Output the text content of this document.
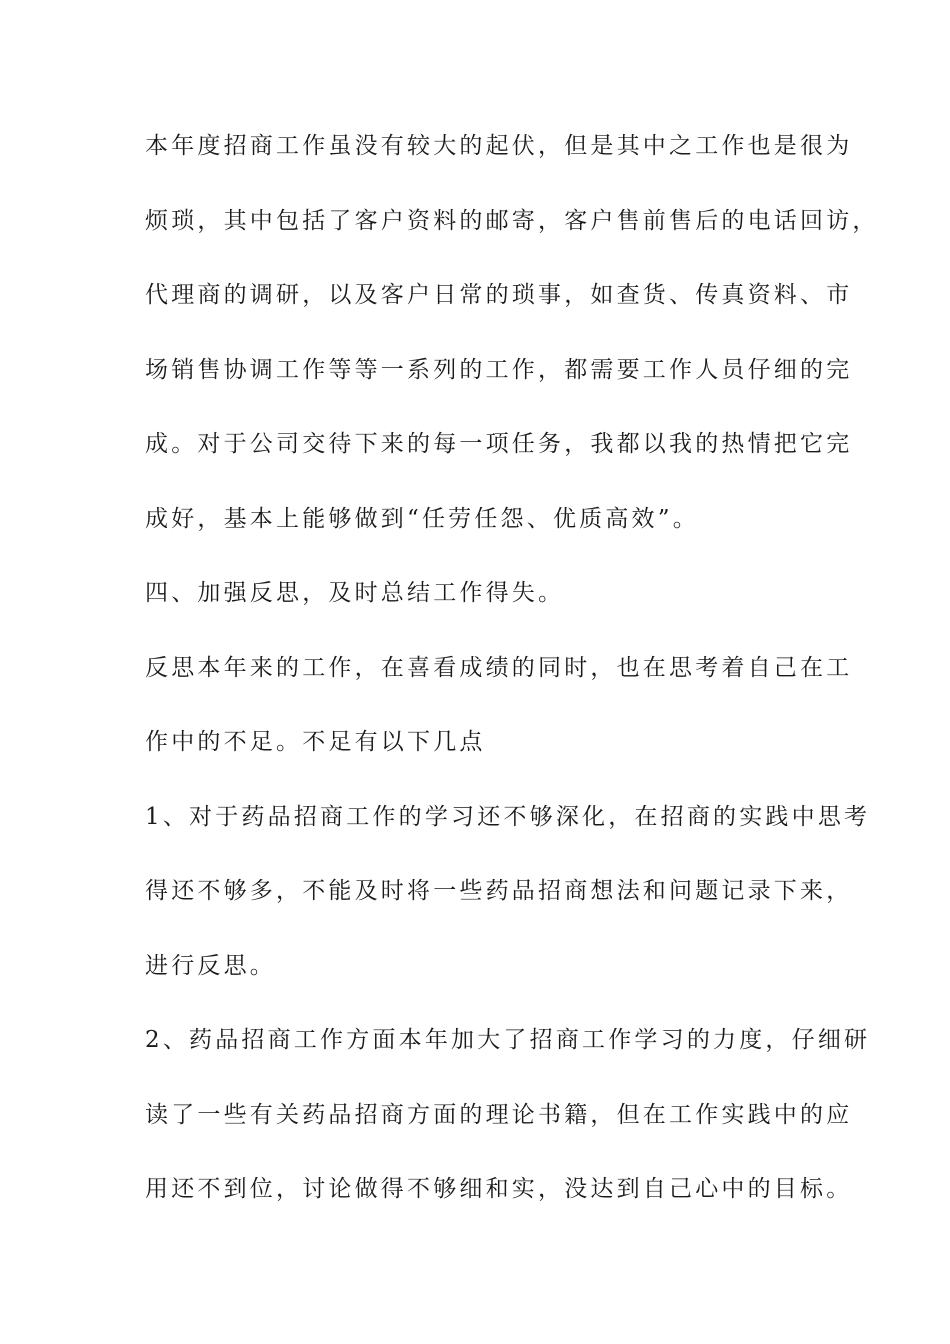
本年度招商工作虽没有较大的起伏，但是其中之工作也是很为

烦琐，其中包括了客户资料的邮寄，客户售前售后的电话回访，

代理商的调研，以及客户日常的琐事，如查货、传真资料、市

场销售协调工作等等一系列的工作，都需要工作人员仔细的完

成。对于公司交待下来的每一项任务，我都以我的热情把它完

成好，基本上能够做到“任劳任怨、优质高效”。

四、加强反思，及时总结工作得失。

反思本年来的工作，在喜看成绩的同时，也在思考着自己在工

作中的不足。不足有以下几点

1、对于药品招商工作的学习还不够深化，在招商的实践中思考

得还不够多，不能及时将一些药品招商想法和问题记录下来，

进行反思。

2、药品招商工作方面本年加大了招商工作学习的力度，仔细研

读了一些有关药品招商方面的理论书籍，但在工作实践中的应

用还不到位，讨论做得不够细和实，没达到自己心中的目标。
